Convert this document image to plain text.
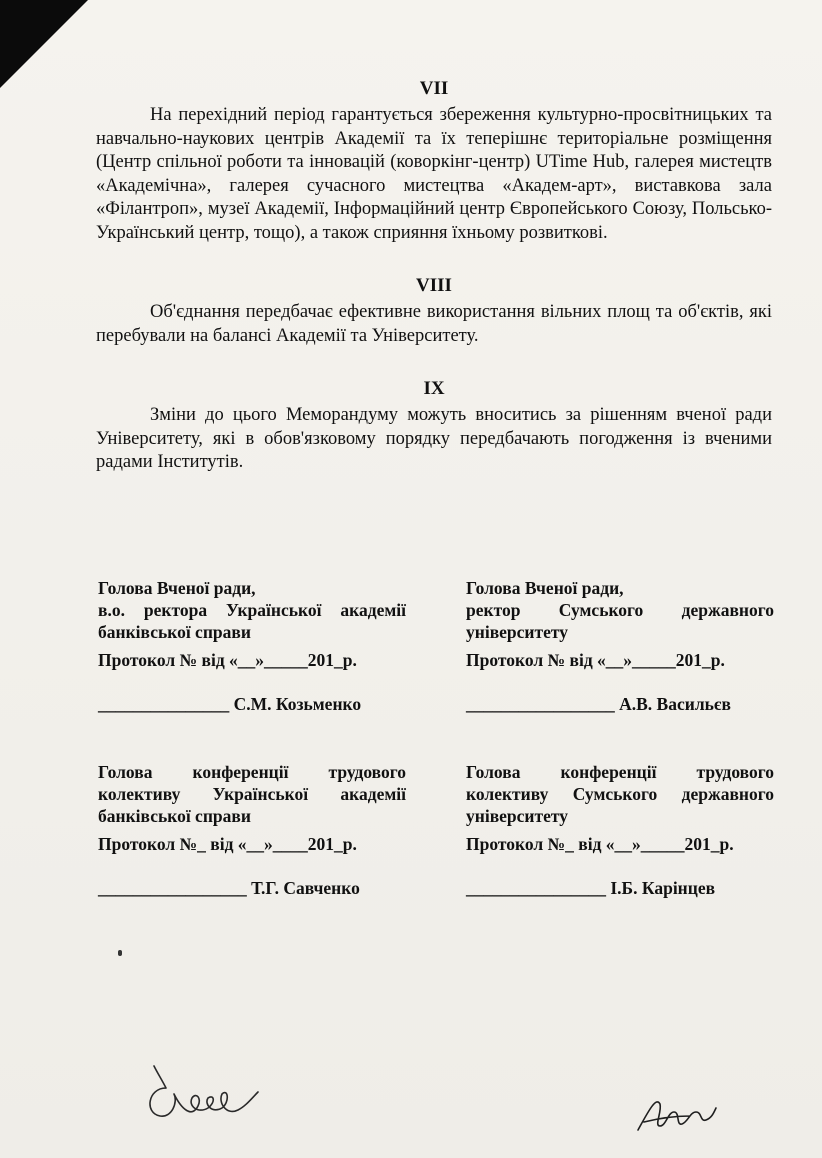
VII

На перехідний період гарантується збереження культурно-просвітницьких та навчально-наукових центрів Академії та їх теперішнє територіальне розміщення (Центр спільної роботи та інновацій (коворкінг-центр) UTime Hub, галерея мистецтв «Академічна», галерея сучасного мистецтва «Академ-арт», виставкова зала «Філантроп», музеї Академії, Інформаційний центр Європейського Союзу, Польсько-Український центр, тощо), а також сприяння їхньому розвиткові.

VIII

Об'єднання передбачає ефективне використання вільних площ та об'єктів, які перебували на балансі Академії та Університету.

IX

Зміни до цього Меморандуму можуть вноситись за рішенням вченої ради Університету, які в обов'язковому порядку передбачають погодження із вченими радами Інститутів.

Голова Вченої ради,

в.о. ректора Української академії банківської справи

Протокол № від «__»_____201_р.

_______________ С.М. Козьменко

Голова Вченої ради,

ректор Сумського державного університету

Протокол № від «__»_____201_р.

_________________ А.В. Васильєв

Голова конференції трудового колективу Української академії банківської справи

Протокол №_ від «__»____201_р.

_________________ Т.Г. Савченко

Голова конференції трудового колективу Сумського державного університету

Протокол №_ від «__»_____201_р.

________________ І.Б. Карінцев
